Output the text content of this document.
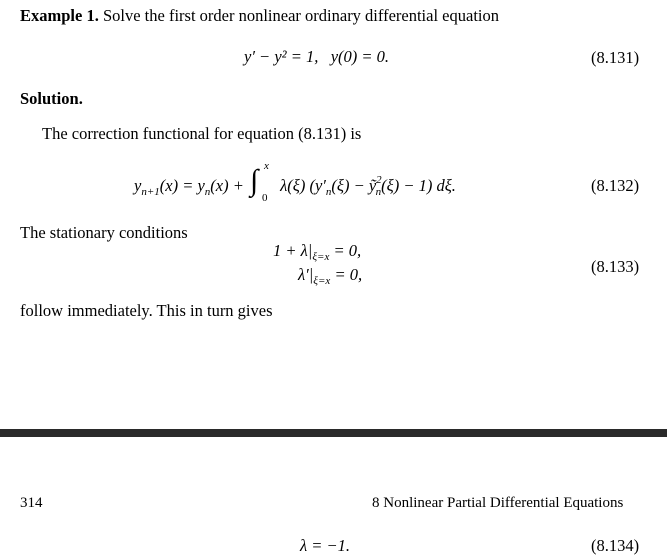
Example 1. Solve the first order nonlinear ordinary differential equation
y′ − y² = 1, y(0) = 0.	(8.131)
Solution.
The correction functional for equation (8.131) is
$y_{n+1}(x) = y_n(x)$ + ∫ x
0
λ(ξ) ($y'_n(\xi)$ − ỹ$^2_n$(ξ) − 1) dξ.	(8.132)
The stationary conditions
$1 + \lambda|_{\xi=x} = 0$,
$\lambda'|_{\xi=x} = 0$,	(8.133)
follow immediately. This in turn gives
314	8 Nonlinear Partial Differential Equations
λ = −1.	(8.134)
